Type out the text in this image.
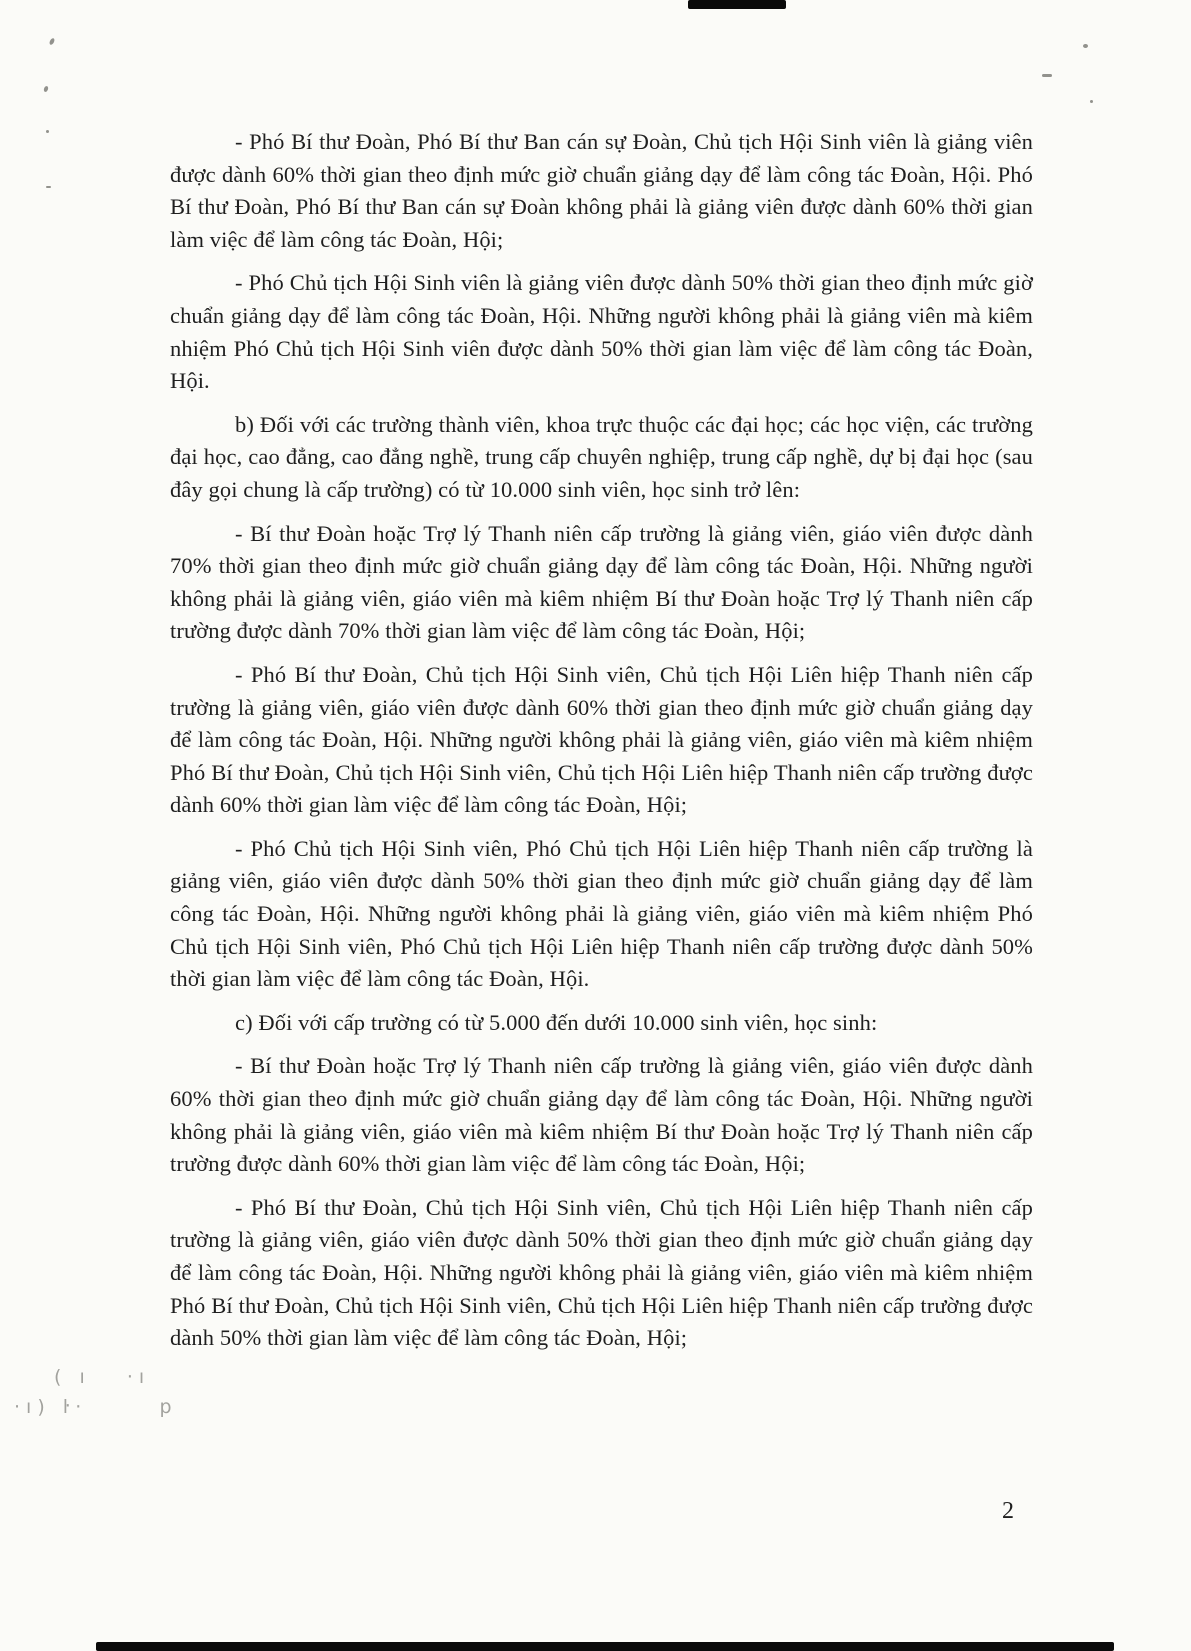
- Phó Bí thư Đoàn, Phó Bí thư Ban cán sự Đoàn, Chủ tịch Hội Sinh viên là giảng viên được dành 60% thời gian theo định mức giờ chuẩn giảng dạy để làm công tác Đoàn, Hội. Phó Bí thư Đoàn, Phó Bí thư Ban cán sự Đoàn không phải là giảng viên được dành 60% thời gian làm việc để làm công tác Đoàn, Hội;

- Phó Chủ tịch Hội Sinh viên là giảng viên được dành 50% thời gian theo định mức giờ chuẩn giảng dạy để làm công tác Đoàn, Hội. Những người không phải là giảng viên mà kiêm nhiệm Phó Chủ tịch Hội Sinh viên được dành 50% thời gian làm việc để làm công tác Đoàn, Hội.

b) Đối với các trường thành viên, khoa trực thuộc các đại học; các học viện, các trường đại học, cao đẳng, cao đẳng nghề, trung cấp chuyên nghiệp, trung cấp nghề, dự bị đại học (sau đây gọi chung là cấp trường) có từ 10.000 sinh viên, học sinh trở lên:

- Bí thư Đoàn hoặc Trợ lý Thanh niên cấp trường là giảng viên, giáo viên được dành 70% thời gian theo định mức giờ chuẩn giảng dạy để làm công tác Đoàn, Hội. Những người không phải là giảng viên, giáo viên mà kiêm nhiệm Bí thư Đoàn hoặc Trợ lý Thanh niên cấp trường được dành 70% thời gian làm việc để làm công tác Đoàn, Hội;

- Phó Bí thư Đoàn, Chủ tịch Hội Sinh viên, Chủ tịch Hội Liên hiệp Thanh niên cấp trường là giảng viên, giáo viên được dành 60% thời gian theo định mức giờ chuẩn giảng dạy để làm công tác Đoàn, Hội. Những người không phải là giảng viên, giáo viên mà kiêm nhiệm Phó Bí thư Đoàn, Chủ tịch Hội Sinh viên, Chủ tịch Hội Liên hiệp Thanh niên cấp trường được dành 60% thời gian làm việc để làm công tác Đoàn, Hội;

- Phó Chủ tịch Hội Sinh viên, Phó Chủ tịch Hội Liên hiệp Thanh niên cấp trường là giảng viên, giáo viên được dành 50% thời gian theo định mức giờ chuẩn giảng dạy để làm công tác Đoàn, Hội. Những người không phải là giảng viên, giáo viên mà kiêm nhiệm Phó Chủ tịch Hội Sinh viên, Phó Chủ tịch Hội Liên hiệp Thanh niên cấp trường được dành 50% thời gian làm việc để làm công tác Đoàn, Hội.

c) Đối với cấp trường có từ 5.000 đến dưới 10.000 sinh viên, học sinh:

- Bí thư Đoàn hoặc Trợ lý Thanh niên cấp trường là giảng viên, giáo viên được dành 60% thời gian theo định mức giờ chuẩn giảng dạy để làm công tác Đoàn, Hội. Những người không phải là giảng viên, giáo viên mà kiêm nhiệm Bí thư Đoàn hoặc Trợ lý Thanh niên cấp trường được dành 60% thời gian làm việc để làm công tác Đoàn, Hội;

- Phó Bí thư Đoàn, Chủ tịch Hội Sinh viên, Chủ tịch Hội Liên hiệp Thanh niên cấp trường là giảng viên, giáo viên được dành 50% thời gian theo định mức giờ chuẩn giảng dạy để làm công tác Đoàn, Hội. Những người không phải là giảng viên, giáo viên mà kiêm nhiệm Phó Bí thư Đoàn, Chủ tịch Hội Sinh viên, Chủ tịch Hội Liên hiệp Thanh niên cấp trường được dành 50% thời gian làm việc để làm công tác Đoàn, Hội;

( ı   ·ı
·ı) ŀ·      p
2
